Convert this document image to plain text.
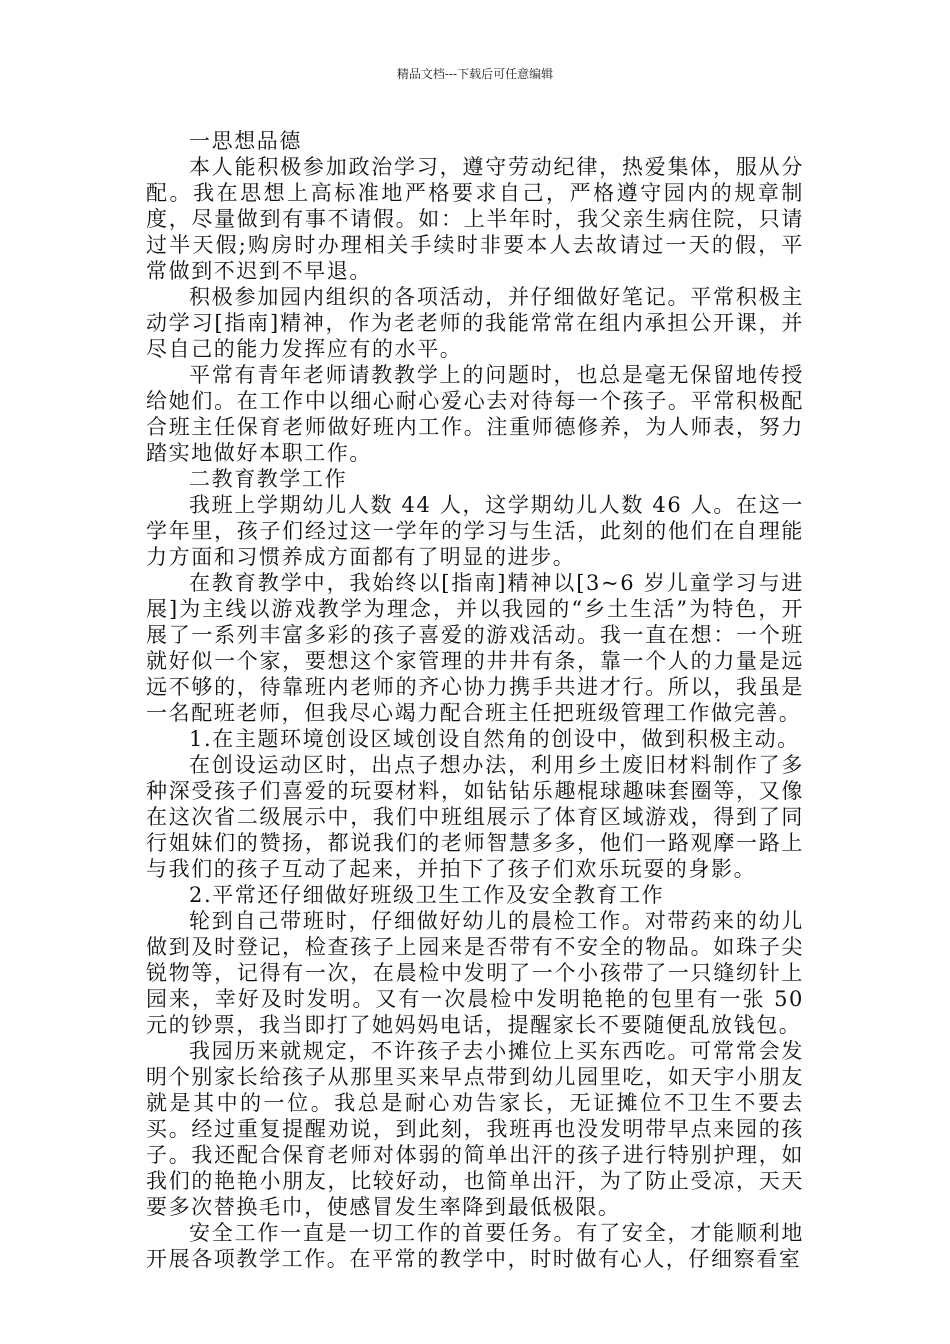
精品文档---下载后可任意编辑

一思想品德

本人能积极参加政治学习，遵守劳动纪律，热爱集体，服从分配。我在思想上高标准地严格要求自己，严格遵守园内的规章制度，尽量做到有事不请假。如：上半年时，我父亲生病住院，只请过半天假;购房时办理相关手续时非要本人去故请过一天的假，平常做到不迟到不早退。

积极参加园内组织的各项活动，并仔细做好笔记。平常积极主动学习[指南]精神，作为老老师的我能常常在组内承担公开课，并尽自己的能力发挥应有的水平。

平常有青年老师请教教学上的问题时，也总是毫无保留地传授给她们。在工作中以细心耐心爱心去对待每一个孩子。平常积极配合班主任保育老师做好班内工作。注重师德修养，为人师表，努力踏实地做好本职工作。

二教育教学工作

我班上学期幼儿人数 44 人，这学期幼儿人数 46 人。在这一学年里，孩子们经过这一学年的学习与生活，此刻的他们在自理能力方面和习惯养成方面都有了明显的进步。

在教育教学中，我始终以[指南]精神以[3~6 岁儿童学习与进展]为主线以游戏教学为理念，并以我园的“乡土生活”为特色，开展了一系列丰富多彩的孩子喜爱的游戏活动。我一直在想：一个班就好似一个家，要想这个家管理的井井有条，靠一个人的力量是远远不够的，待靠班内老师的齐心协力携手共进才行。所以，我虽是一名配班老师，但我尽心竭力配合班主任把班级管理工作做完善。

1.在主题环境创设区域创设自然角的创设中，做到积极主动。

在创设运动区时，出点子想办法，利用乡土废旧材料制作了多种深受孩子们喜爱的玩耍材料，如钻钻乐趣棍球趣味套圈等，又像在这次省二级展示中，我们中班组展示了体育区域游戏，得到了同行姐妹们的赞扬，都说我们的老师智慧多多，他们一路观摩一路上与我们的孩子互动了起来，并拍下了孩子们欢乐玩耍的身影。

2.平常还仔细做好班级卫生工作及安全教育工作

轮到自己带班时，仔细做好幼儿的晨检工作。对带药来的幼儿做到及时登记，检查孩子上园来是否带有不安全的物品。如珠子尖锐物等，记得有一次，在晨检中发明了一个小孩带了一只缝纫针上园来，幸好及时发明。又有一次晨检中发明艳艳的包里有一张 50 元的钞票，我当即打了她妈妈电话，提醒家长不要随便乱放钱包。

我园历来就规定，不许孩子去小摊位上买东西吃。可常常会发明个别家长给孩子从那里买来早点带到幼儿园里吃，如天宇小朋友就是其中的一位。我总是耐心劝告家长，无证摊位不卫生不要去买。经过重复提醒劝说，到此刻，我班再也没发明带早点来园的孩子。我还配合保育老师对体弱的简单出汗的孩子进行特别护理，如我们的艳艳小朋友，比较好动，也简单出汗，为了防止受凉，天天要多次替换毛巾，使感冒发生率降到最低极限。

安全工作一直是一切工作的首要任务。有了安全，才能顺利地开展各项教学工作。在平常的教学中，时时做有心人，仔细察看室
